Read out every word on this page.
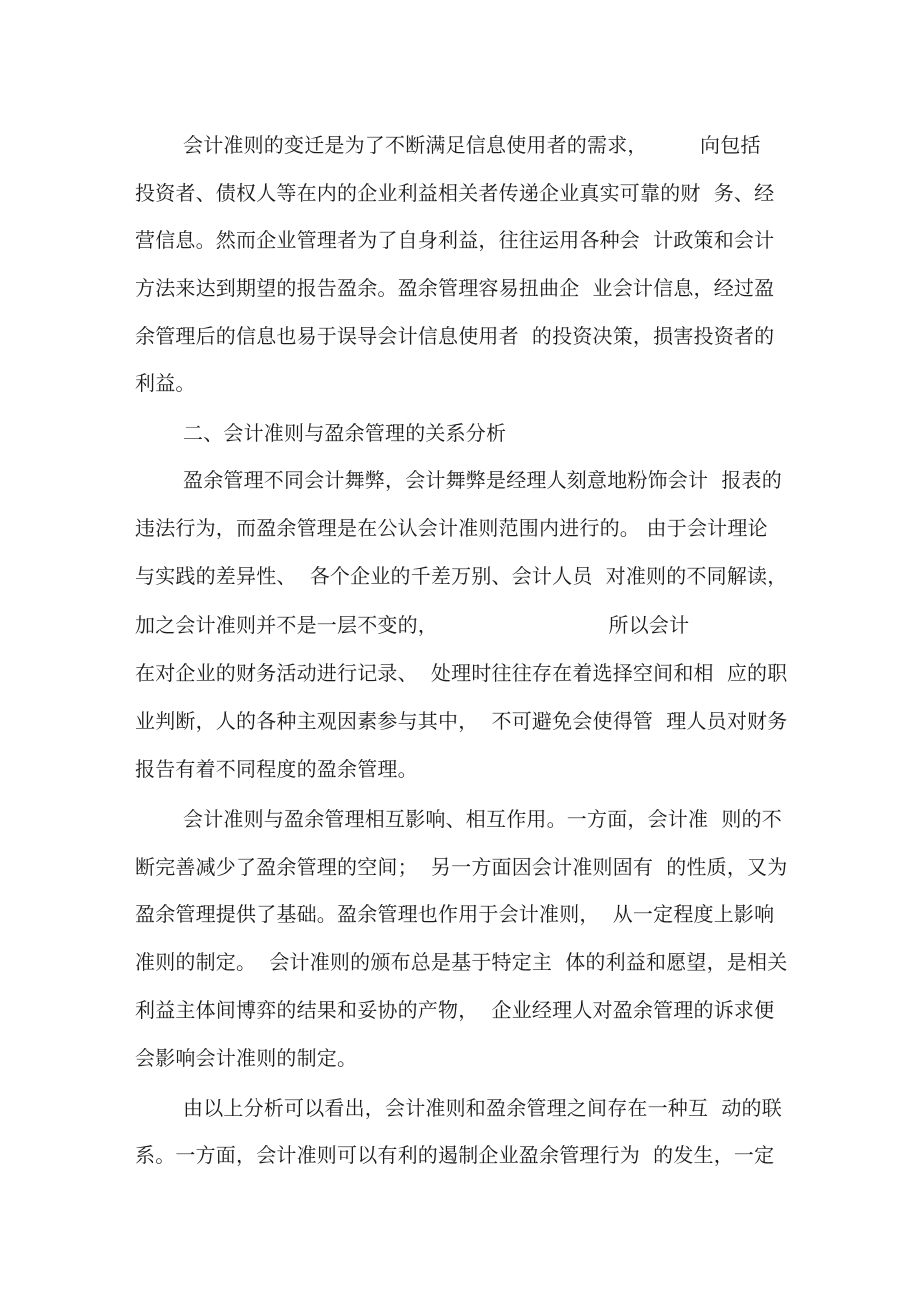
会计准则的变迁是为了不断满足信息使用者的需求，        向包括
投资者、债权人等在内的企业利益相关者传递企业真实可靠的财  务、经
营信息。然而企业管理者为了自身利益，往往运用各种会  计政策和会计
方法来达到期望的报告盈余。盈余管理容易扭曲企  业会计信息，经过盈
余管理后的信息也易于误导会计信息使用者  的投资决策，损害投资者的
利益。
二、会计准则与盈余管理的关系分析
盈余管理不同会计舞弊，会计舞弊是经理人刻意地粉饰会计  报表的
违法行为，而盈余管理是在公认会计准则范围内进行的。 由于会计理论
与实践的差异性、  各个企业的千差万别、会计人员  对准则的不同解读，
加之会计准则并不是一层不变的，                          所以会计
在对企业的财务活动进行记录、  处理时往往存在着选择空间和相  应的职
业判断，人的各种主观因素参与其中，  不可避免会使得管  理人员对财务
报告有着不同程度的盈余管理。
会计准则与盈余管理相互影响、相互作用。一方面，会计准  则的不
断完善减少了盈余管理的空间；  另一方面因会计准则固有  的性质，又为
盈余管理提供了基础。盈余管理也作用于会计准则，  从一定程度上影响
准则的制定。  会计准则的颁布总是基于特定主  体的利益和愿望，是相关
利益主体间博弈的结果和妥协的产物，  企业经理人对盈余管理的诉求便
会影响会计准则的制定。
由以上分析可以看出，会计准则和盈余管理之间存在一种互  动的联
系。一方面，会计准则可以有利的遏制企业盈余管理行为  的发生，一定
